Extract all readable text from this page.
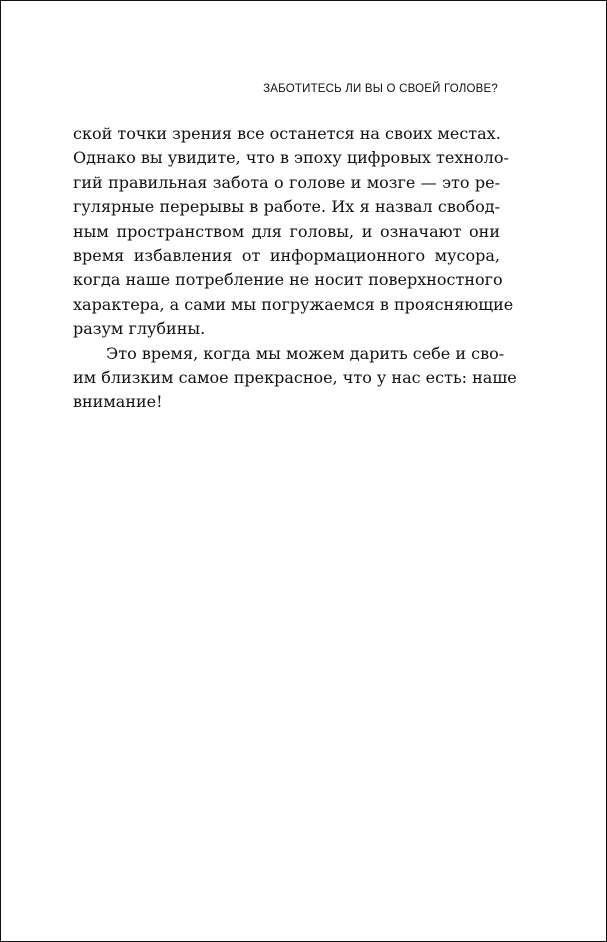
ЗАБОТИТЕСЬ ЛИ ВЫ О СВОЕЙ ГОЛОВЕ?
ской точки зрения все останется на своих местах.
Однако вы увидите, что в эпоху цифровых техноло-
гий правильная забота о голове и мозге — это ре-
гулярные перерывы в работе. Их я назвал свобод-
ным пространством для головы, и означают они
время избавления от информационного мусора,
когда наше потребление не носит поверхностного
характера, а сами мы погружаемся в проясняющие
разум глубины.
Это время, когда мы можем дарить себе и сво-
им близким самое прекрасное, что у нас есть: наше
внимание!
